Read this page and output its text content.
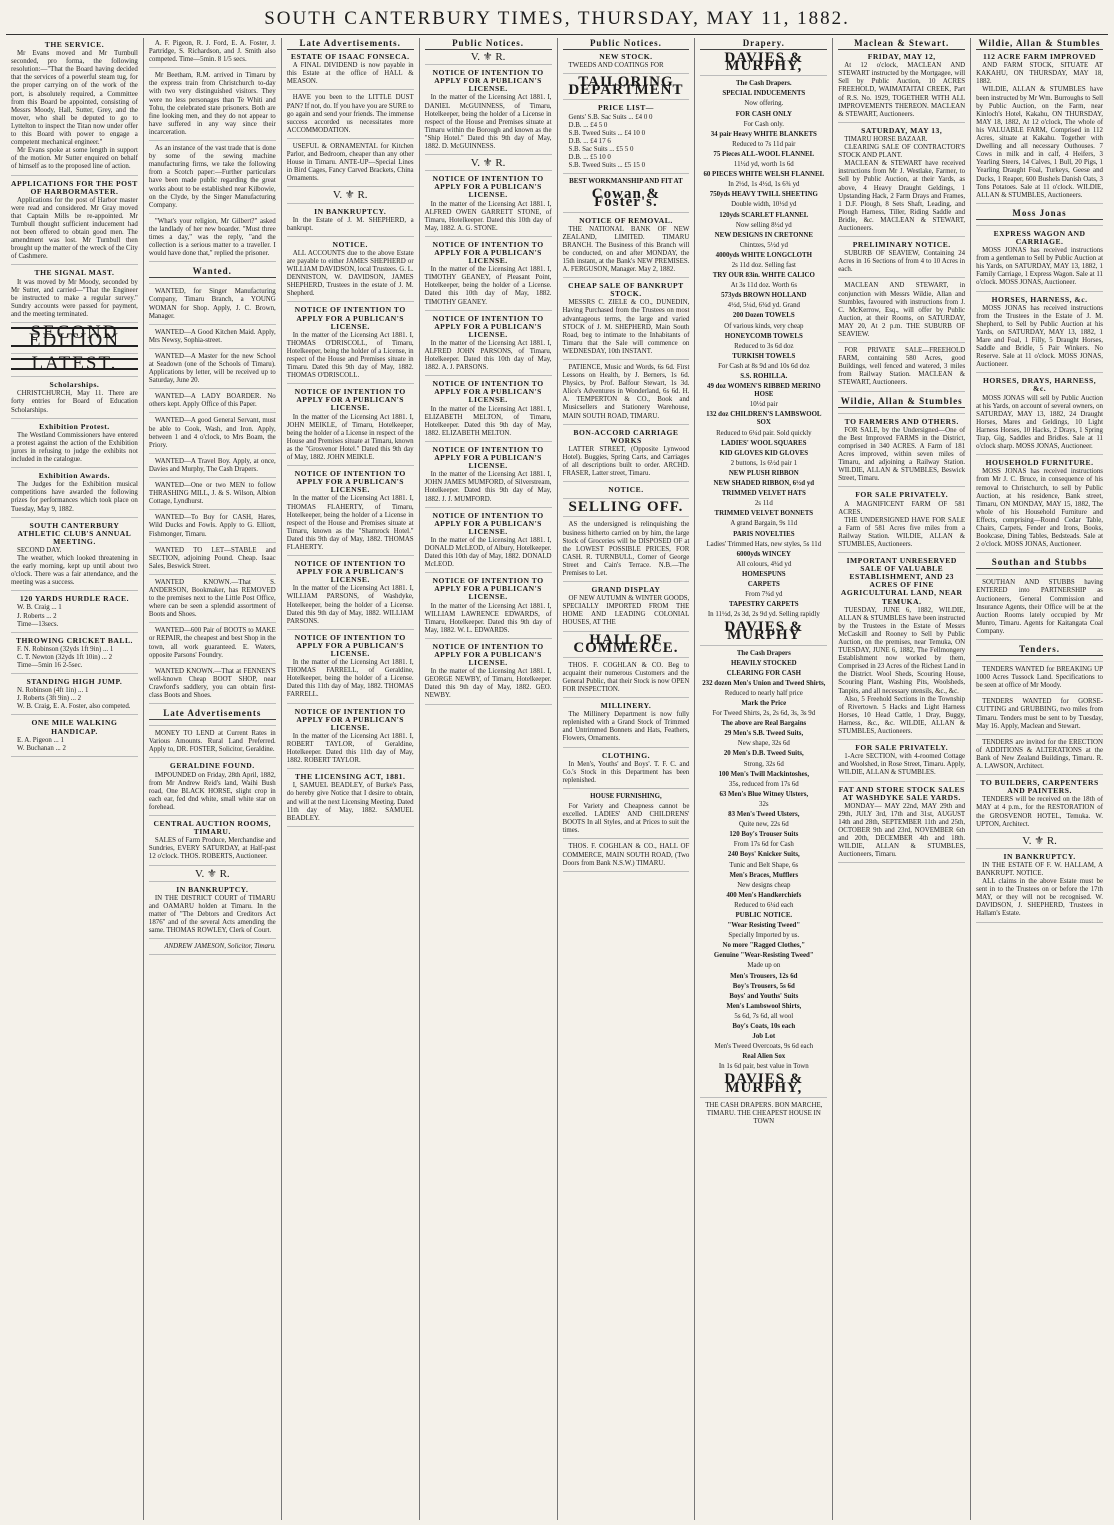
SOUTH CANTERBURY TIMES, THURSDAY, MAY 11, 1882.
THE SERVICE.

Mr Evans moved and Mr Turnbull seconded, pro forma, the following resolution:—"That the Board having decided that the services of a powerful steam tug, for the proper carrying on of the work of the port, is absolutely required, a Committee from this Board be appointed, consisting of Messrs Moody, Hall, Sutter, Grey, and the mover, who shall be deputed to go to Lyttelton to inspect the Titan now under offer to this Board with power to engage a competent mechanical engineer."

Mr Evans spoke at some length in support of the motion. Mr Sutter enquired on behalf of himself as to the proposed line of action.

APPLICATIONS FOR THE POST OF HARBORMASTER.

Applications for the post of Harbor master were read and considered. Mr Gray moved that Captain Mills be re-appointed. Mr Turnbull thought sufficient inducement had not been offered to obtain good men. The amendment was lost. Mr Turnbull then brought up the matter of the wreck of the City of Cashmere.

THE SIGNAL MAST.

It was moved by Mr Moody, seconded by Mr Sutter, and carried—"That the Engineer be instructed to make a regular survey." Sundry accounts were passed for payment, and the meeting terminated.

SECOND EDITION
LATEST.
Scholarships.

CHRISTCHURCH, May 11. There are forty entries for Board of Education Scholarships.

Exhibition Protest.

The Westland Commissioners have entered a protest against the action of the Exhibition jurors in refusing to judge the exhibits not included in the catalogue.

Exhibition Awards.

The Judges for the Exhibition musical competitions have awarded the following prizes for performances which took place on Tuesday, May 9, 1882.

SOUTH CANTERBURY ATHLETIC CLUB'S ANNUAL MEETING.

SECOND DAY.

The weather, which looked threatening in the early morning, kept up until about two o'clock. There was a fair attendance, and the meeting was a success.

120 YARDS HURDLE RACE.

W. B. Craig ... 1

J. Roberts ... 2

Time—13secs.

THROWING CRICKET BALL.

F. N. Robinson (32yds 1ft 9in) ... 1

C. T. Newton (32yds 1ft 10in) ... 2

Time—5min 16 2-5sec.

STANDING HIGH JUMP.

N. Robinson (4ft 1in) ... 1

J. Roberts (3ft 9in) ... 2

W. B. Craig, E. A. Foster, also competed.

ONE MILE WALKING HANDICAP.

E. A. Pigeon ... 1

W. Buchanan ... 2

A. F. Pigeon, R. J. Ford, E. A. Foster, J. Partridge, S. Richardson, and J. Smith also competed. Time—5min. 8 1/5 secs.

Mr Beetham, R.M. arrived in Timaru by the express train from Christchurch to-day with two very distinguished visitors. They were no less personages than Te Whiti and Tohu, the celebrated state prisoners. Both are fine looking men, and they do not appear to have suffered in any way since their incarceration.

As an instance of the vast trade that is done by some of the sewing machine manufacturing firms, we take the following from a Scotch paper:—Further particulars have been made public regarding the great works about to be established near Kilbowie, on the Clyde, by the Singer Manufacturing Company.

"What's your religion, Mr Gilbert?" asked the landlady of her new boarder. "Must three times a day," was the reply, "and the collection is a serious matter to a traveller. I would have done that," replied the prisoner.

Wanted.

WANTED, for Singer Manufacturing Company, Timaru Branch, a YOUNG WOMAN for Shop. Apply, J. C. Brown, Manager.

WANTED—A Good Kitchen Maid. Apply, Mrs Newsy, Sophia-street.

WANTED—A Master for the new School at Seadown (one of the Schools of Timaru). Applications by letter, will be received up to Saturday, June 20.

WANTED—A LADY BOARDER. No others kept. Apply Office of this Paper.

WANTED—A good General Servant, must be able to Cook, Wash, and Iron. Apply, between 1 and 4 o'clock, to Mrs Boam, the Priory.

WANTED—A Travel Boy. Apply, at once, Davies and Murphy, The Cash Drapers.

WANTED—One or two MEN to follow THRASHING MILL, J. & S. Wilson, Albion Cottage, Lyndhurst.

WANTED—To Buy for CASH, Hares, Wild Ducks and Fowls. Apply to G. Elliott, Fishmonger, Timaru.

WANTED TO LET—STABLE and SECTION, adjoining Pound. Cheap. Isaac Sales, Beswick Street.

WANTED KNOWN.—That S. ANDERSON, Bookmaker, has REMOVED to the premises next to the Little Post Office, where can be seen a splendid assortment of Boots and Shoes.

WANTED—600 Pair of BOOTS to MAKE or REPAIR, the cheapest and best Shop in the town, all work guaranteed. E. Waters, opposite Parsons' Foundry.

WANTED KNOWN.—That at FENNEN'S well-known Cheap BOOT SHOP, near Crawford's saddlery, you can obtain first-class Boots and Shoes.

Late Advertisements

MONEY TO LEND at Current Rates in Various Amounts. Rural Land Preferred. Apply to, DR. FOSTER, Solicitor, Geraldine.

GERALDINE FOUND.

IMPOUNDED on Friday, 28th April, 1882, from Mr Andrew Reid's land, Waihi Bush road, One BLACK HORSE, slight crop in each ear, fed dnd white, small white star on forehead.

CENTRAL AUCTION ROOMS, TIMARU.

SALES of Farm Produce, Merchandise and Sundries, EVERY SATURDAY, at Half-past 12 o'clock. THOS. ROBERTS, Auctioneer.

V. ⚜ R.
IN BANKRUPTCY.

IN THE DISTRICT COURT of TIMARU and OAMARU holden at Timaru. In the matter of "The Debtors and Creditors Act 1876" and of the several Acts amending the same. THOMAS ROWLEY, Clerk of Court.

ANDREW JAMESON, Solicitor, Timaru.
Late Advertisements.
ESTATE OF ISAAC FONSECA.

A FINAL DIVIDEND is now payable in this Estate at the office of HALL & MEASON.

HAVE you been to the LITTLE DUST PAN? If not, do. If you have you are SURE to go again and send your friends. The immense success accorded us necessitates more ACCOMMODATION.

USEFUL & ORNAMENTAL for Kitchen Parlor, and Bedroom, cheaper than any other House in Timaru. ANTE-UP—Special Lines in Bird Cages, Fancy Carved Brackets, China Ornaments.

V. ⚜ R.
IN BANKRUPTCY.

In the Estate of J. M. SHEPHERD, a bankrupt.

NOTICE.

ALL ACCOUNTS due to the above Estate are payable to either JAMES SHEPHERD or WILLIAM DAVIDSON, local Trustees. G. L. DENNISTON, W. DAVIDSON, JAMES SHEPHERD, Trustees in the estate of J. M. Shepherd.

NOTICE OF INTENTION TO APPLY FOR A PUBLICAN'S LICENSE.

In the matter of the Licensing Act 1881. I, THOMAS O'DRISCOLL, of Timaru, Hotelkeeper, being the holder of a License, in respect of the House and Premises situate in Timaru. Dated this 9th day of May, 1882. THOMAS O'DRISCOLL.

NOTICE OF INTENTION TO APPLY FOR A PUBLICAN'S LICENSE.

In the matter of the Licensing Act 1881. I, JOHN MEIKLE, of Timaru, Hotelkeeper, being the holder of a License in respect of the House and Premises situate at Timaru, known as the "Grosvenor Hotel." Dated this 9th day of May, 1882. JOHN MEIKLE.

NOTICE OF INTENTION TO APPLY FOR A PUBLICAN'S LICENSE.

In the matter of the Licensing Act 1881. I, THOMAS FLAHERTY, of Timaru, Hotelkeeper, being the holder of a License in respect of the House and Premises situate at Timaru, known as the "Shamrock Hotel." Dated this 9th day of May, 1882. THOMAS FLAHERTY.

NOTICE OF INTENTION TO APPLY FOR A PUBLICAN'S LICENSE.

In the matter of the Licensing Act 1881. I, WILLIAM PARSONS, of Washdyke, Hotelkeeper, being the holder of a License. Dated this 9th day of May, 1882. WILLIAM PARSONS.

NOTICE OF INTENTION TO APPLY FOR A PUBLICAN'S LICENSE.

In the matter of the Licensing Act 1881. I, THOMAS FARRELL, of Geraldine, Hotelkeeper, being the holder of a License. Dated this 11th day of May, 1882. THOMAS FARRELL.

NOTICE OF INTENTION TO APPLY FOR A PUBLICAN'S LICENSE.

In the matter of the Licensing Act 1881. I, ROBERT TAYLOR, of Geraldine, Hotelkeeper. Dated this 11th day of May, 1882. ROBERT TAYLOR.

THE LICENSING ACT, 1881.

I, SAMUEL BEADLEY, of Burke's Pass, do hereby give Notice that I desire to obtain, and will at the next Licensing Meeting. Dated 11th day of May, 1882. SAMUEL BEADLEY.

Public Notices.
V. ⚜ R.
NOTICE OF INTENTION TO APPLY FOR A PUBLICAN'S LICENSE.

In the matter of the Licensing Act 1881. I, DANIEL McGUINNESS, of Timaru, Hotelkeeper, being the holder of a License in respect of the House and Premises situate at Timaru within the Borough and known as the "Ship Hotel." Dated this 9th day of May, 1882. D. McGUINNESS.

V. ⚜ R.
NOTICE OF INTENTION TO APPLY FOR A PUBLICAN'S LICENSE.

In the matter of the Licensing Act 1881. I, ALFRED OWEN GARRETT STONE, of Timaru, Hotelkeeper. Dated this 10th day of May, 1882. A. G. STONE.

NOTICE OF INTENTION TO APPLY FOR A PUBLICAN'S LICENSE.

In the matter of the Licensing Act 1881. I, TIMOTHY GEANEY, of Pleasant Point, Hotelkeeper, being the holder of a License. Dated this 10th day of May, 1882. TIMOTHY GEANEY.

NOTICE OF INTENTION TO APPLY FOR A PUBLICAN'S LICENSE.

In the matter of the Licensing Act 1881. I, ALFRED JOHN PARSONS, of Timaru, Hotelkeeper. Dated this 10th day of May, 1882. A. J. PARSONS.

NOTICE OF INTENTION TO APPLY FOR A PUBLICAN'S LICENSE.

In the matter of the Licensing Act 1881. I, ELIZABETH MELTON, of Timaru, Hotelkeeper. Dated this 9th day of May, 1882. ELIZABETH MELTON.

NOTICE OF INTENTION TO APPLY FOR A PUBLICAN'S LICENSE.

In the matter of the Licensing Act 1881. I, JOHN JAMES MUMFORD, of Silverstream, Hotelkeeper. Dated this 9th day of May, 1882. J. J. MUMFORD.

NOTICE OF INTENTION TO APPLY FOR A PUBLICAN'S LICENSE.

In the matter of the Licensing Act 1881. I, DONALD McLEOD, of Albury, Hotelkeeper. Dated this 10th day of May, 1882. DONALD McLEOD.

NOTICE OF INTENTION TO APPLY FOR A PUBLICAN'S LICENSE.

In the matter of the Licensing Act 1881. I, WILLIAM LAWRENCE EDWARDS, of Timaru, Hotelkeeper. Dated this 9th day of May, 1882. W. L. EDWARDS.

NOTICE OF INTENTION TO APPLY FOR A PUBLICAN'S LICENSE.

In the matter of the Licensing Act 1881. I, GEORGE NEWBY, of Timaru, Hotelkeeper. Dated this 9th day of May, 1882. GEO. NEWBY.

Public Notices.
NEW STOCK.

TWEEDS AND COATINGS FOR

TAILORING DEPARTMENT
PRICE LIST—

Gents' S.B. Sac Suits ... £4 0 0

D.B. ... £4 5 0

S.B. Tweed Suits ... £4 10 0

D.B. ... £4 17 6

S.B. Sac Suits ... £5 5 0

D.B. ... £5 10 0

S.B. Tweed Suits ... £5 15 0

BEST WORKMANSHIP AND FIT AT
Cowan & Foster's.
NOTICE OF REMOVAL.

THE NATIONAL BANK OF NEW ZEALAND, LIMITED. TIMARU BRANCH. The Business of this Branch will be conducted, on and after MONDAY, the 15th instant, at the Bank's NEW PREMISES. A. FERGUSON, Manager. May 2, 1882.

CHEAP SALE OF BANKRUPT STOCK.

MESSRS C. ZIELE & CO., DUNEDIN, Having Purchased from the Trustees on most advantageous terms, the large and varied STOCK of J. M. SHEPHERD, Main South Road, beg to intimate to the Inhabitants of Timaru that the Sale will commence on WEDNESDAY, 10th INSTANT.

PATIENCE, Music and Words, 6s 6d. First Lessons on Health, by J. Berners, 1s 6d. Physics, by Prof. Balfour Stewart, 1s 3d. Alice's Adventures in Wonderland, 6s 6d. H. A. TEMPERTON & CO., Book and Musicsellers and Stationery Warehouse, MAIN SOUTH ROAD, TIMARU.

BON-ACCORD CARRIAGE WORKS

LATTER STREET, (Opposite Lynwood Hotel). Buggies, Spring Carts, and Carriages of all descriptions built to order. ARCHD. FRASER, Latter street, Timaru.

NOTICE.
SELLING OFF.

AS the undersigned is relinquishing the business hitherto carried on by him, the large Stock of Groceries will be DISPOSED OF at the LOWEST POSSIBLE PRICES, FOR CASH. R. TURNBULL, Corner of George Street and Cain's Terrace. N.B.—The Premises to Let.

GRAND DISPLAY

OF NEW AUTUMN & WINTER GOODS, SPECIALLY IMPORTED FROM THE HOME AND LEADING COLONIAL HOUSES, AT THE

HALL OF COMMERCE.

THOS. F. COGHLAN & CO. Beg to acquaint their numerous Customers and the General Public, that their Stock is now OPEN FOR INSPECTION.

MILLINERY.

The Millinery Department is now fully replenished with a Grand Stock of Trimmed and Untrimmed Bonnets and Hats, Feathers, Flowers, Ornaments.

CLOTHING.

In Men's, Youths' and Boys'. T. F. C. and Co.'s Stock in this Department has been replenished.

HOUSE FURNISHING,

For Variety and Cheapness cannot be excelled. LADIES' AND CHILDRENS' BOOTS In all Styles, and at Prices to suit the times.

THOS. F. COGHLAN & CO., HALL OF COMMERCE, MAIN SOUTH ROAD, (Two Doors from Bank N.S.W.) TIMARU.

Drapery.
DAVIES & MURPHY,
The Cash Drapers.
SPECIAL INDUCEMENTS
Now offering.
FOR CASH ONLY
For Cash only.
34 pair Heavy WHITE BLANKETS
Reduced to 7s 11d pair
75 Pieces ALL-WOOL FLANNEL
11½d yd, worth 1s 6d
60 PIECES WHITE WELSH FLANNEL
In 2½d, 1s 4½d, 1s 6¾ yd
750yds HEAVY TWILL SHEETING
Double width, 10½d yd
120yds SCARLET FLANNEL
Now selling 8½d yd
NEW DESIGNS IN CRETONNE
Chintzes, 5½d yd
4000yds WHITE LONGCLOTH
2s 11d doz. Selling fast
TRY OUR 83in. WHITE CALICO
At 3s 11d doz. Worth 6s
573yds BROWN HOLLAND
4½d, 5¼d, 6¾d yd. Grand
200 Dozen TOWELS
Of various kinds, very cheap
HONEYCOMB TOWELS
Reduced to 3s 6d doz
TURKISH TOWELS
For Cash at 8s 9d and 10s 6d doz
S.S. ROHILLA.
49 doz WOMEN'S RIBBED MERINO HOSE
10½d pair
132 doz CHILDREN'S LAMBSWOOL SOX
Reduced to 6¼d pair. Sold quickly
LADIES' WOOL SQUARES
KID GLOVES KID GLOVES
2 buttons, 1s 6½d pair 1
NEW PLUSH RIBBON
NEW SHADED RIBBON, 6½d yd
TRIMMED VELVET HATS
2s 11d
TRIMMED VELVET BONNETS
A grand Bargain, 9s 11d
PARIS NOVELTIES
Ladies' Trimmed Hats, new styles, 5s 11d
6000yds WINCEY
All colours, 4¾d yd
HOMESPUNS
CARPETS
From 7¾d yd
TAPESTRY CARPETS
In 11½d, 2s 3d, 2s 9d yd. Selling rapidly
DAVIES & MURPHY
The Cash Drapers
HEAVILY STOCKED
CLEARING FOR CASH
232 dozen Men's Union and Tweed Shirts,
Reduced to nearly half price
Mark the Price
For Tweed Shirts, 2s, 2s 6d, 3s, 3s 9d
The above are Real Bargains
29 Men's S.B. Tweed Suits,
New shape, 32s 6d
20 Men's D.B. Tweed Suits,
Strong, 32s 6d
100 Men's Twill Mackintoshes,
35s, reduced from 17s 6d
63 Men's Blue Witney Ulsters,
32s
83 Men's Tweed Ulsters,
Quite new, 22s 6d
120 Boy's Trouser Suits
From 17s 6d for Cash
240 Boys' Knicker Suits,
Tunic and Belt Shape, 6s
Men's Braces, Mufflers
New designs cheap
400 Men's Handkerchiefs
Reduced to 6¼d each
PUBLIC NOTICE.
"Wear Resisting Tweed"
Specially Imported by us.
No more "Ragged Clothes,"
Genuine "Wear-Resisting Tweed"
Made up on
Men's Trousers, 12s 6d
Boy's Trousers, 5s 6d
Boys' and Youths' Suits
Men's Lambswool Shirts,
5s 6d, 7s 6d, all wool
Boy's Coats, 10s each
Job Lot
Men's Tweed Overcoats, 9s 6d each
Real Alien Sox
In 1s 6d pair, best value in Town
DAVIES & MURPHY,
THE CASH DRAPERS. BON MARCHE, TIMARU. THE CHEAPEST HOUSE IN TOWN
Maclean & Stewart.
FRIDAY, MAY 12,

At 12 o'clock, MACLEAN AND STEWART instructed by the Mortgagee, will Sell by Public Auction, 10 ACRES FREEHOLD, WAIMATAITAI CREEK, Part of R.S. No. 1929, TOGETHER WITH ALL IMPROVEMENTS THEREON. MACLEAN & STEWART, Auctioneers.

SATURDAY, MAY 13,

TIMARU HORSE BAZAAR.

CLEARING SALE OF CONTRACTOR'S STOCK AND PLANT.

MACLEAN & STEWART have received instructions from Mr J. Westlake, Farmer, to Sell by Public Auction, at their Yards, as above, 4 Heavy Draught Geldings, 1 Upstanding Hack, 2 Farm Drays and Frames, 1 D.F. Plough, 8 Sets Shaft, Leading, and Plough Harness, Tiller, Riding Saddle and Bridle, &c. MACLEAN & STEWART, Auctioneers.

PRELIMINARY NOTICE.

SUBURB OF SEAVIEW, Containing 24 Acres in 16 Sections of from 4 to 10 Acres in each.

MACLEAN AND STEWART, in conjunction with Messrs Wildie, Allan and Stumbles, favoured with instructions from J. C. McKerrow, Esq., will offer by Public Auction, at their Rooms, on SATURDAY, MAY 20, At 2 p.m. THE SUBURB OF SEAVIEW.

FOR PRIVATE SALE—FREEHOLD FARM, containing 580 Acres, good Buildings, well fenced and watered, 3 miles from Railway Station. MACLEAN & STEWART, Auctioneers.

Wildie, Allan & Stumbles
TO FARMERS AND OTHERS.

FOR SALE, by the Undersigned—One of the Best Improved FARMS in the District, comprised in 340 ACRES. A Farm of 181 Acres improved, within seven miles of Timaru, and adjoining a Railway Station. WILDIE, ALLAN & STUMBLES, Beswick Street, Timaru.

FOR SALE PRIVATELY.

A MAGNIFICENT FARM OF 581 ACRES.

THE UNDERSIGNED HAVE FOR SALE a Farm of 581 Acres five miles from a Railway Station. WILDIE, ALLAN & STUMBLES, Auctioneers.

IMPORTANT UNRESERVED SALE OF VALUABLE ESTABLISHMENT, AND 23 ACRES OF FINE AGRICULTURAL LAND, NEAR TEMUKA.

TUESDAY, JUNE 6, 1882, WILDIE, ALLAN & STUMBLES have been instructed by the Trustees in the Estate of Messrs McCaskill and Rooney to Sell by Public Auction, on the premises, near Temuka, ON TUESDAY, JUNE 6, 1882, The Fellmongery Establishment now worked by them, Comprised in 23 Acres of the Richest Land in the District. Wool Sheds, Scouring House, Scouring Plant, Washing Pits, Woolsheds, Tanpits, and all necessary utensils, &c., &c.

Also, 5 Freehold Sections in the Township of Rivertown. 5 Hacks and Light Harness Horses, 10 Head Cattle, 1 Dray, Buggy, Harness, &c., &c. WILDIE, ALLAN & STUMBLES, Auctioneers.

FOR SALE PRIVATELY.

1-Acre SECTION, with 4-roomed Cottage and Woolshed, in Rose Street, Timaru. Apply, WILDIE, ALLAN & STUMBLES.

FAT AND STORE STOCK SALES AT WASHDYKE SALE YARDS.

MONDAY— MAY 22nd, MAY 29th and 29th, JULY 3rd, 17th and 31st, AUGUST 14th and 28th, SEPTEMBER 11th and 25th, OCTOBER 9th and 23rd, NOVEMBER 6th and 20th, DECEMBER 4th and 18th. WILDIE, ALLAN & STUMBLES, Auctioneers, Timaru.

Wildie, Allan & Stumbles
112 ACRE FARM IMPROVED

AND FARM STOCK, SITUATE AT KAKAHU, ON THURSDAY, MAY 18, 1882.

WILDIE, ALLAN & STUMBLES have been instructed by Mr Wm. Burroughs to Sell by Public Auction, on the Farm, near Kinloch's Hotel, Kakahu, ON THURSDAY, MAY 18, 1882, At 12 o'clock, The whole of his VALUABLE FARM, Comprised in 112 Acres, situate at Kakahu. Together with Dwelling and all necessary Outhouses. 7 Cows in milk and in calf, 4 Heifers, 3 Yearling Steers, 14 Calves, 1 Bull, 20 Pigs, 1 Yearling Draught Foal, Turkeys, Geese and Ducks, 1 Reaper, 600 Bushels Danish Oats, 3 Tons Potatoes. Sale at 11 o'clock. WILDIE, ALLAN & STUMBLES, Auctioneers.

Moss Jonas
EXPRESS WAGON AND CARRIAGE.

MOSS JONAS has received instructions from a gentleman to Sell by Public Auction at his Yards, on SATURDAY, MAY 13, 1882, 1 Family Carriage, 1 Express Wagon. Sale at 11 o'clock. MOSS JONAS, Auctioneer.

HORSES, HARNESS, &c.

MOSS JONAS has received instructions from the Trustees in the Estate of J. M. Shepherd, to Sell by Public Auction at his Yards, on SATURDAY, MAY 13, 1882, 1 Mare and Foal, 1 Filly, 5 Draught Horses, Saddle and Bridle, 5 Pair Winkers. No Reserve. Sale at 11 o'clock. MOSS JONAS, Auctioneer.

HORSES, DRAYS, HARNESS, &c.

MOSS JONAS will sell by Public Auction at his Yards, on account of several owners, on SATURDAY, MAY 13, 1882, 24 Draught Horses, Mares and Geldings, 10 Light Harness Horses, 10 Hacks, 2 Drays, 1 Spring Trap, Gig, Saddles and Bridles. Sale at 11 o'clock sharp. MOSS JONAS, Auctioneer.

HOUSEHOLD FURNITURE.

MOSS JONAS has received instructions from Mr J. C. Bruce, in consequence of his removal to Christchurch, to sell by Public Auction, at his residence, Bank street, Timaru, ON MONDAY, MAY 15, 1882, The whole of his Household Furniture and Effects, comprising—Round Cedar Table, Chairs, Carpets, Fender and Irons, Books, Bookcase, Dining Tables, Bedsteads. Sale at 2 o'clock. MOSS JONAS, Auctioneer.

Southan and Stubbs

SOUTHAN AND STUBBS having ENTERED into PARTNERSHIP as Auctioneers, General Commission and Insurance Agents, their Office will be at the Auction Rooms lately occupied by Mr Munro, Timaru. Agents for Kaitangata Coal Company.

Tenders.

TENDERS WANTED for BREAKING UP 1000 Acres Tussock Land. Specifications to be seen at office of Mr Moody.

TENDERS WANTED for GORSE-CUTTING and GRUBBING, two miles from Timaru. Tenders must be sent to by Tuesday, May 16. Apply, Maclean and Stewart.

TENDERS are invited for the ERECTION of ADDITIONS & ALTERATIONS at the Bank of New Zealand Buildings, Timaru. R. A. LAWSON, Architect.

TO BUILDERS, CARPENTERS AND PAINTERS.

TENDERS will be received on the 18th of MAY at 4 p.m., for the RESTORATION of the GROSVENOR HOTEL, Temuka. W. UPTON, Architect.

V. ⚜ R.
IN BANKRUPTCY.

IN THE ESTATE OF F. W. HALLAM, A BANKRUPT. NOTICE.

ALL claims in the above Estate must be sent in to the Trustees on or before the 17th MAY, or they will not be recognised. W. DAVIDSON, J. SHEPHERD, Trustees in Hallam's Estate.
